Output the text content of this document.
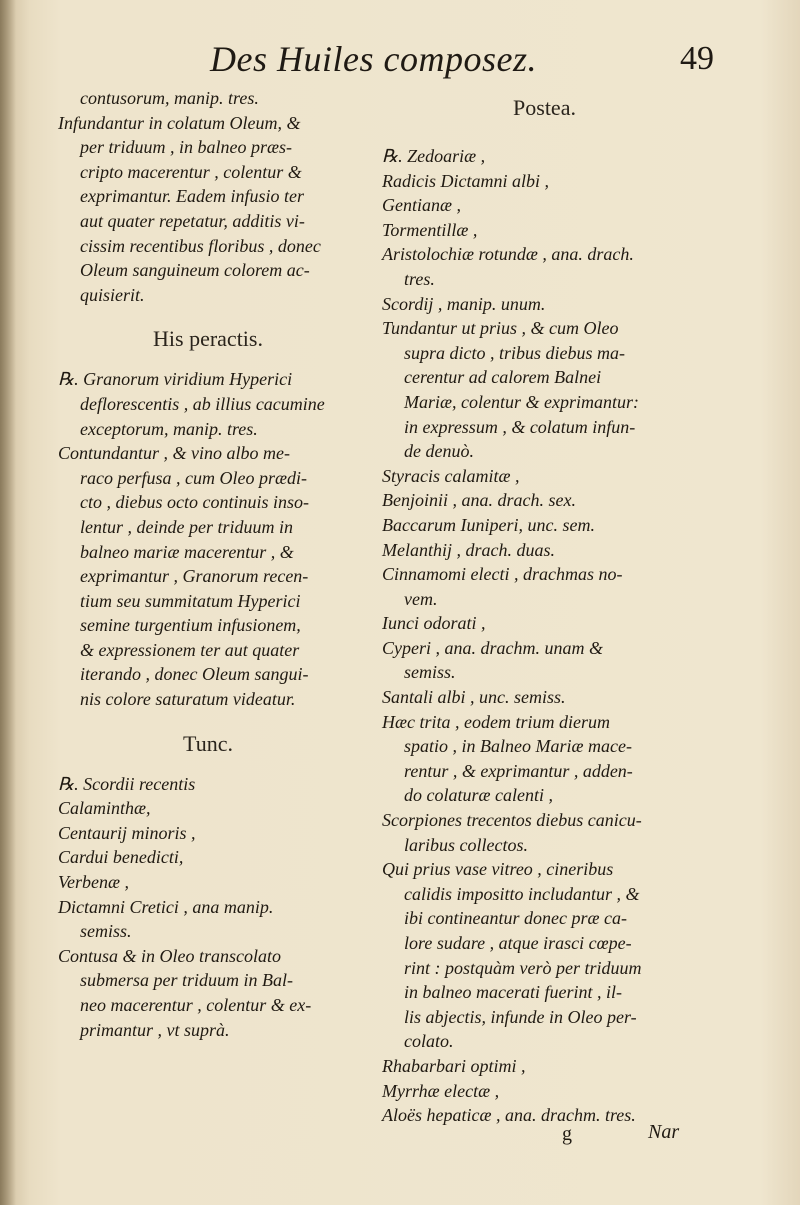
Des Huiles composez.	49
contusorum, manip. tres.
Infundantur in colatum Oleum, &
per triduum , in balneo præs-
cripto macerentur , colentur &
exprimantur. Eadem infusio ter
aut quater repetatur, additis vi-
cissim recentibus floribus , donec
Oleum sanguineum colorem ac-
quisierit.
His peractis.
℞. Granorum viridium Hyperici
deflorescentis , ab illius cacumine
exceptorum, manip. tres.
Contundantur , & vino albo me-
raco perfusa , cum Oleo prædi-
cto , diebus octo continuis inso-
lentur , deinde per triduum in
balneo mariæ macerentur , &
exprimantur , Granorum recen-
tium seu summitatum Hyperici
semine turgentium infusionem,
& expressionem ter aut quater
iterando , donec Oleum sangui-
nis colore saturatum videatur.
Tunc.
℞. Scordii recentis
Calaminthæ,
Centaurij minoris ,
Cardui benedicti,
Verbenæ ,
Dictamni Cretici , ana manip.
semiss.
Contusa & in Oleo transcolato
submersa per triduum in Bal-
neo macerentur , colentur & ex-
primantur , vt suprà.
Postea.
℞. Zedoariæ ,
Radicis Dictamni albi ,
Gentianæ ,
Tormentillæ ,
Aristolochiæ rotundæ , ana. drach.
tres.
Scordij , manip. unum.
Tundantur ut prius , & cum Oleo
supra dicto , tribus diebus ma-
cerentur ad calorem Balnei
Mariæ, colentur & exprimantur:
in expressum , & colatum infun-
de denuò.
Styracis calamitæ ,
Benjoinii , ana. drach. sex.
Baccarum Iuniperi, unc. sem.
Melanthij , drach. duas.
Cinnamomi electi , drachmas no-
vem.
Iunci odorati ,
Cyperi , ana. drachm. unam &
semiss.
Santali albi , unc. semiss.
Hæc trita , eodem trium dierum
spatio , in Balneo Mariæ mace-
rentur , & exprimantur , adden-
do colaturæ calenti ,
Scorpiones trecentos diebus canicu-
laribus collectos.
Qui prius vase vitreo , cineribus
calidis impositto includantur , &
ibi contineantur donec præ ca-
lore sudare , atque irasci cœpe-
rint : postquàm verò per triduum
in balneo macerati fuerint , il-
lis abjectis, infunde in Oleo per-
colato.
Rhabarbari optimi ,
Myrrhæ electæ ,
Aloës hepaticæ , ana. drachm. tres.
g	Nar
